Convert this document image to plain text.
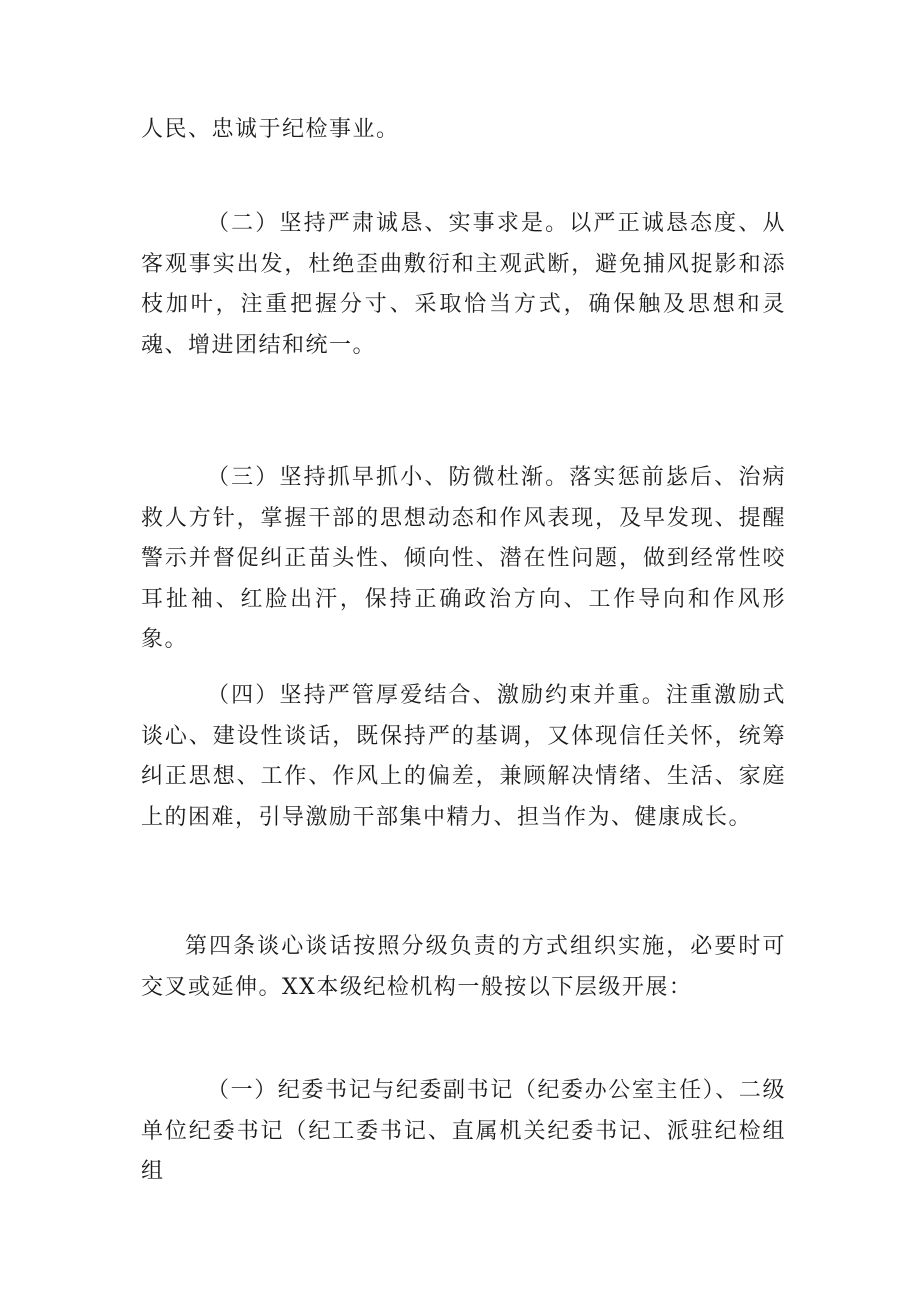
人民、忠诚于纪检事业。

（二）坚持严肃诚恳、实事求是。以严正诚恳态度、从客观事实出发，杜绝歪曲敷衍和主观武断，避免捕风捉影和添枝加叶，注重把握分寸、采取恰当方式，确保触及思想和灵魂、增进团结和统一。

（三）坚持抓早抓小、防微杜渐。落实惩前毖后、治病救人方针，掌握干部的思想动态和作风表现，及早发现、提醒警示并督促纠正苗头性、倾向性、潜在性问题，做到经常性咬耳扯袖、红脸出汗，保持正确政治方向、工作导向和作风形象。

（四）坚持严管厚爱结合、激励约束并重。注重激励式谈心、建设性谈话，既保持严的基调，又体现信任关怀，统筹纠正思想、工作、作风上的偏差，兼顾解决情绪、生活、家庭上的困难，引导激励干部集中精力、担当作为、健康成长。

第四条谈心谈话按照分级负责的方式组织实施，必要时可交叉或延伸。XX本级纪检机构一般按以下层级开展：

（一）纪委书记与纪委副书记（纪委办公室主任）、二级单位纪委书记（纪工委书记、直属机关纪委书记、派驻纪检组组
